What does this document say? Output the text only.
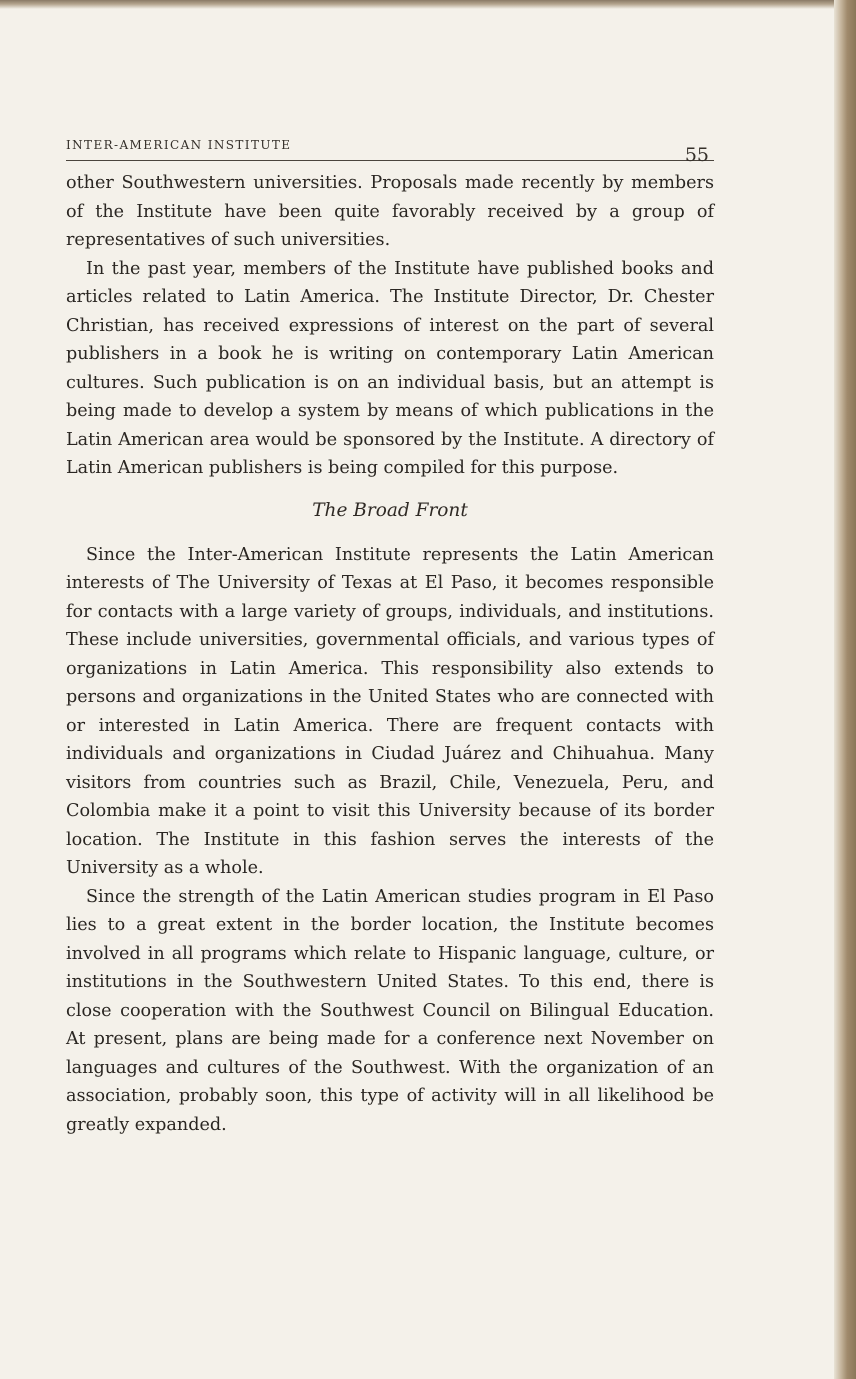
INTER-AMERICAN INSTITUTE	55

other Southwestern universities. Proposals made recently by members of the Institute have been quite favorably received by a group of representatives of such universities.

In the past year, members of the Institute have published books and articles related to Latin America. The Institute Director, Dr. Chester Christian, has received expressions of interest on the part of several publishers in a book he is writing on contemporary Latin American cultures. Such publication is on an individual basis, but an attempt is being made to develop a system by means of which publications in the Latin American area would be sponsored by the Institute. A directory of Latin American publishers is being compiled for this purpose.

The Broad Front

Since the Inter-American Institute represents the Latin American interests of The University of Texas at El Paso, it becomes responsible for contacts with a large variety of groups, individuals, and institutions. These include universities, governmental officials, and various types of organizations in Latin America. This responsibility also extends to persons and organizations in the United States who are connected with or interested in Latin America. There are frequent contacts with individuals and organizations in Ciudad Juárez and Chihuahua. Many visitors from countries such as Brazil, Chile, Venezuela, Peru, and Colombia make it a point to visit this University because of its border location. The Institute in this fashion serves the interests of the University as a whole.

Since the strength of the Latin American studies program in El Paso lies to a great extent in the border location, the Institute becomes involved in all programs which relate to Hispanic language, culture, or institutions in the Southwestern United States. To this end, there is close cooperation with the Southwest Council on Bilingual Education. At present, plans are being made for a conference next November on languages and cultures of the Southwest. With the organization of an association, probably soon, this type of activity will in all likelihood be greatly expanded.
